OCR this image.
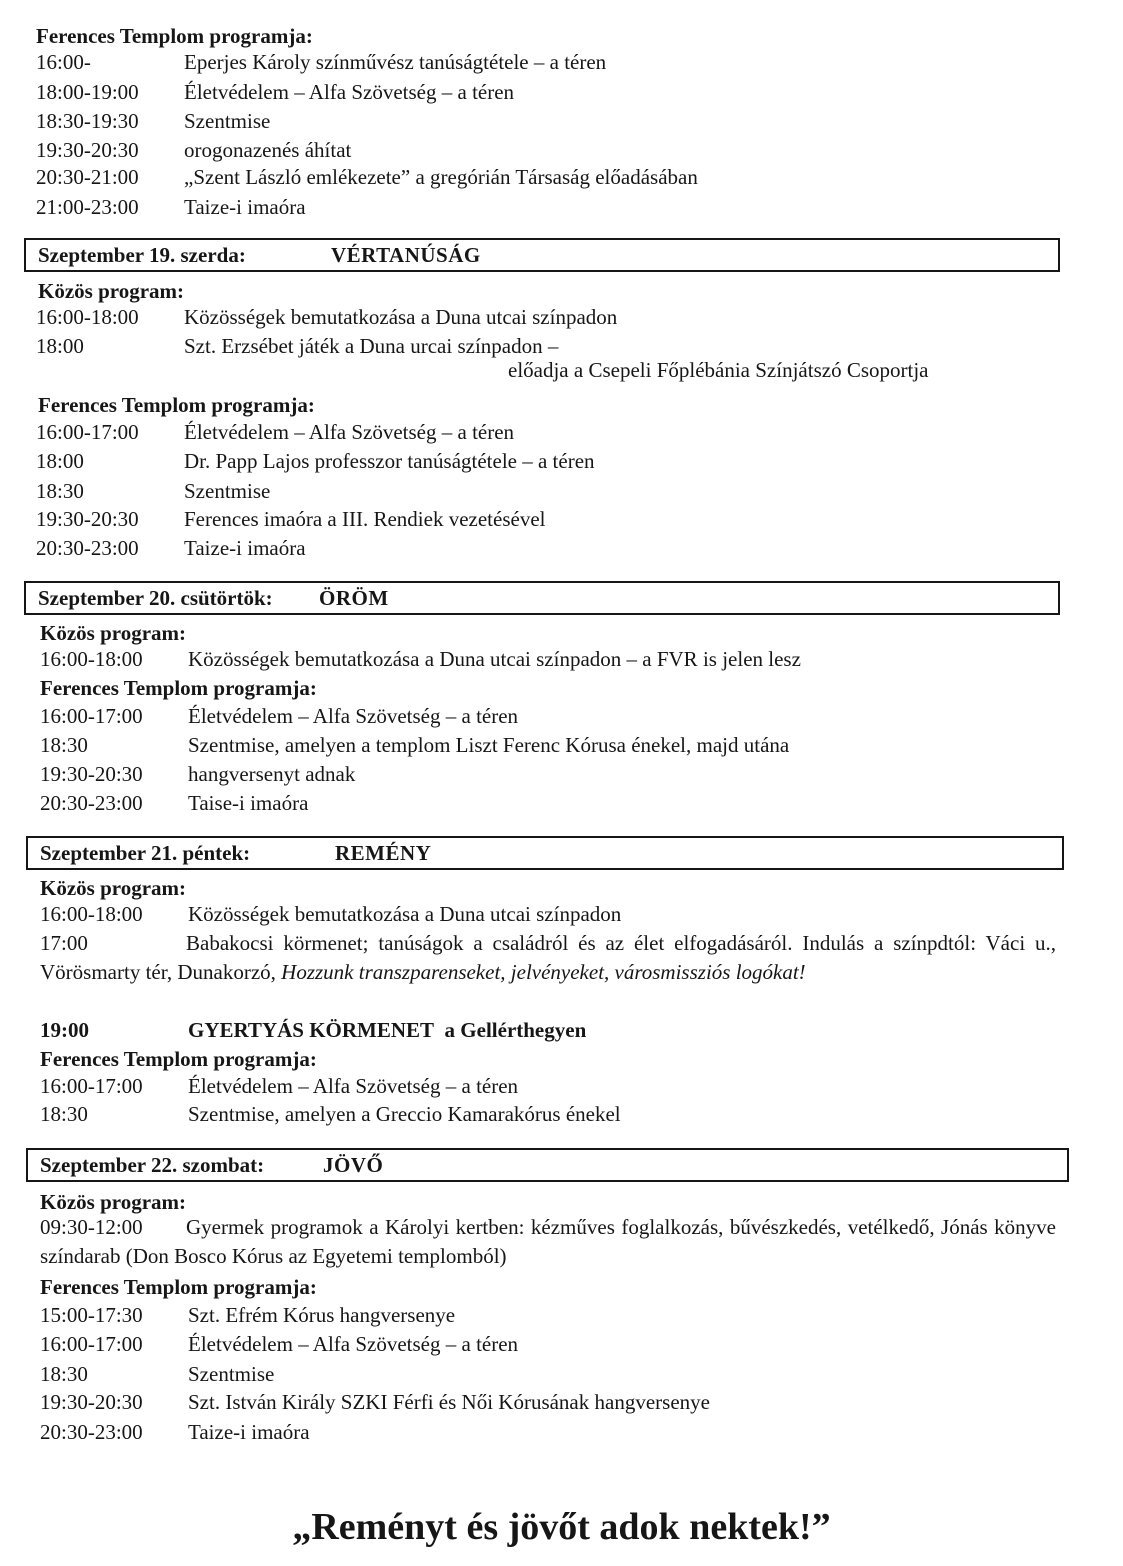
Ferences Templom programja:
16:00-	Eperjes Károly színművész tanúságtétele – a téren
18:00-19:00 Életvédelem – Alfa Szövetség – a téren
18:30-19:30 Szentmise
19:30-20:30 orogonazenés áhítat
20:30-21:00 „Szent László emlékezete” a gregórián Társaság előadásában
21:00-23:00 Taize-i imaóra
Szeptember 19. szerda:	VÉRTANÚSÁG
Közös program:
16:00-18:00 Közösségek bemutatkozása a Duna utcai színpadon
18:00	Szt. Erzsébet játék a Duna urcai színpadon –
előadja a Csepeli Főplébánia Színjátszó Csoportja
Ferences Templom programja:
16:00-17:00 Életvédelem – Alfa Szövetség – a téren
18:00	Dr. Papp Lajos professzor tanúságtétele – a téren
18:30	Szentmise
19:30-20:30 Ferences imaóra a III. Rendiek vezetésével
20:30-23:00 Taize-i imaóra
Szeptember 20. csütörtök: ÖRÖM
Közös program:
16:00-18:00 Közösségek bemutatkozása a Duna utcai színpadon – a FVR is jelen lesz
Ferences Templom programja:
16:00-17:00 Életvédelem – Alfa Szövetség – a téren
18:30	Szentmise, amelyen a templom Liszt Ferenc Kórusa énekel, majd utána
19:30-20:30 hangversenyt adnak
20:30-23:00 Taise-i imaóra
Szeptember 21. péntek:	REMÉNY
Közös program:
16:00-18:00 Közösségek bemutatkozása a Duna utcai színpadon
17:00	Babakocsi körmenet; tanúságok a családról és az élet elfogadásáról. Indulás a színpdtól: Váci u., Vörösmarty tér, Dunakorzó, Hozzunk transzparenseket, jelvényeket, városmissziós logókat!
19:00	GYERTYÁS KÖRMENET a Gellérthegyen
Ferences Templom programja:
16:00-17:00 Életvédelem – Alfa Szövetség – a téren
18:30	Szentmise, amelyen a Greccio Kamarakórus énekel
Szeptember 22. szombat:	JÖVŐ
Közös program:
09:30-12:00 Gyermek programok a Károlyi kertben: kézműves foglalkozás, bűvészkedés, vetélkedő, Jónás könyve színdarab (Don Bosco Kórus az Egyetemi templomból)
Ferences Templom programja:
15:00-17:30 Szt. Efrém Kórus hangversenye
16:00-17:00 Életvédelem – Alfa Szövetség – a téren
18:30	Szentmise
19:30-20:30 Szt. István Király SZKI Férfi és Női Kórusának hangversenye
20:30-23:00 Taize-i imaóra
„Reményt és jövőt adok nektek!”
